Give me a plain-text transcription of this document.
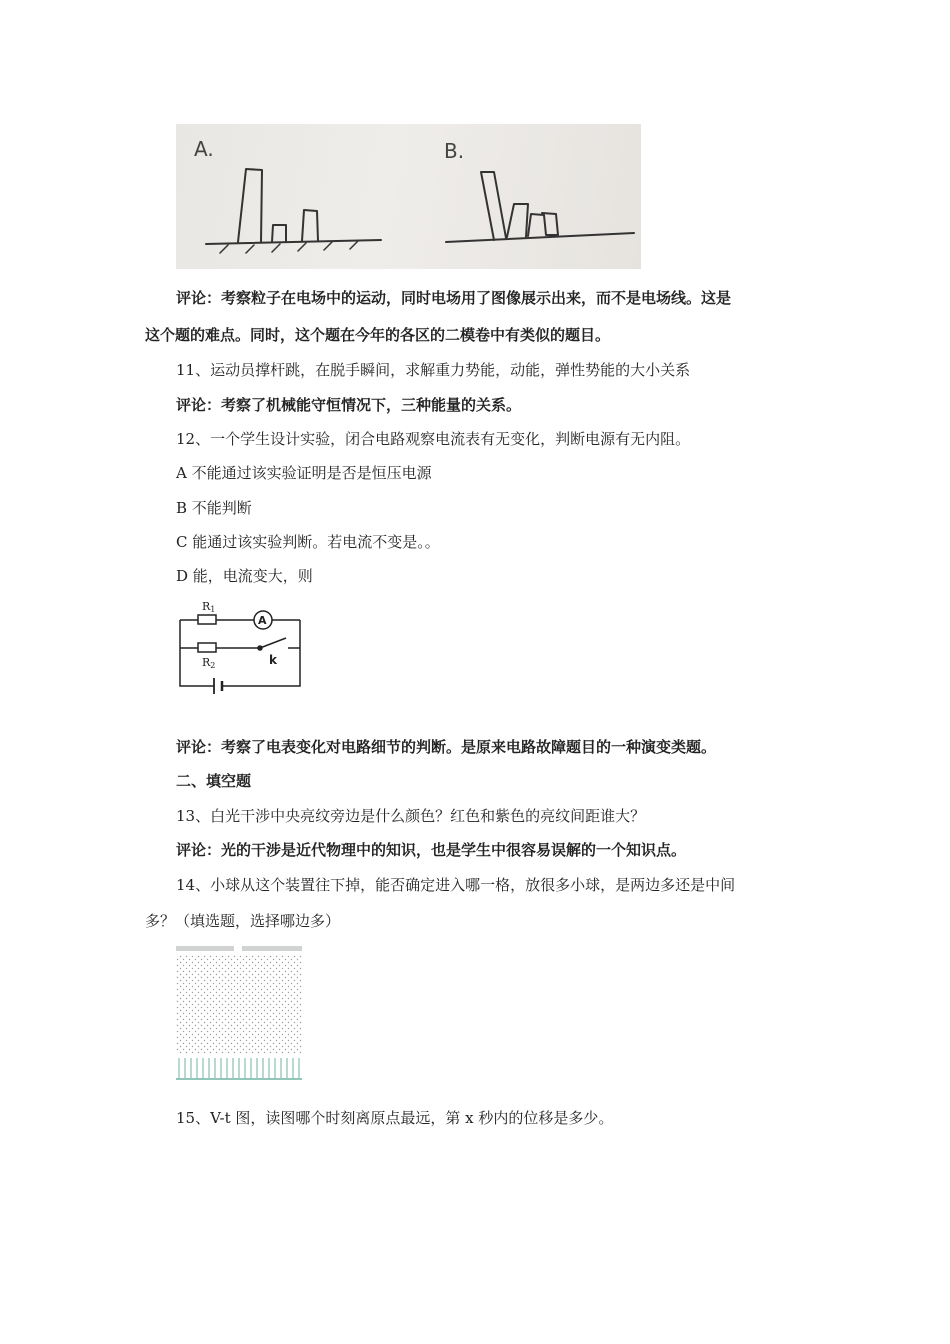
A.	B.
评论：考察粒子在电场中的运动，同时电场用了图像展示出来，而不是电场线。这是
这个题的难点。同时，这个题在今年的各区的二模卷中有类似的题目。
11、运动员撑杆跳，在脱手瞬间，求解重力势能，动能，弹性势能的大小关系
评论：考察了机械能守恒情况下，三种能量的关系。
12、一个学生设计实验，闭合电路观察电流表有无变化，判断电源有无内阻。
A 不能通过该实验证明是否是恒压电源
B 不能判断
C 能通过该实验判断。若电流不变是。。
D 能，电流变大，则
R1
A
R2	k
评论：考察了电表变化对电路细节的判断。是原来电路故障题目的一种演变类题。
二、填空题
13、白光干涉中央亮纹旁边是什么颜色？红色和紫色的亮纹间距谁大？
评论：光的干涉是近代物理中的知识，也是学生中很容易误解的一个知识点。
14、小球从这个装置往下掉，能否确定进入哪一格，放很多小球，是两边多还是中间
多？（填选题，选择哪边多）
15、V-t 图，读图哪个时刻离原点最远，第 x 秒内的位移是多少。
